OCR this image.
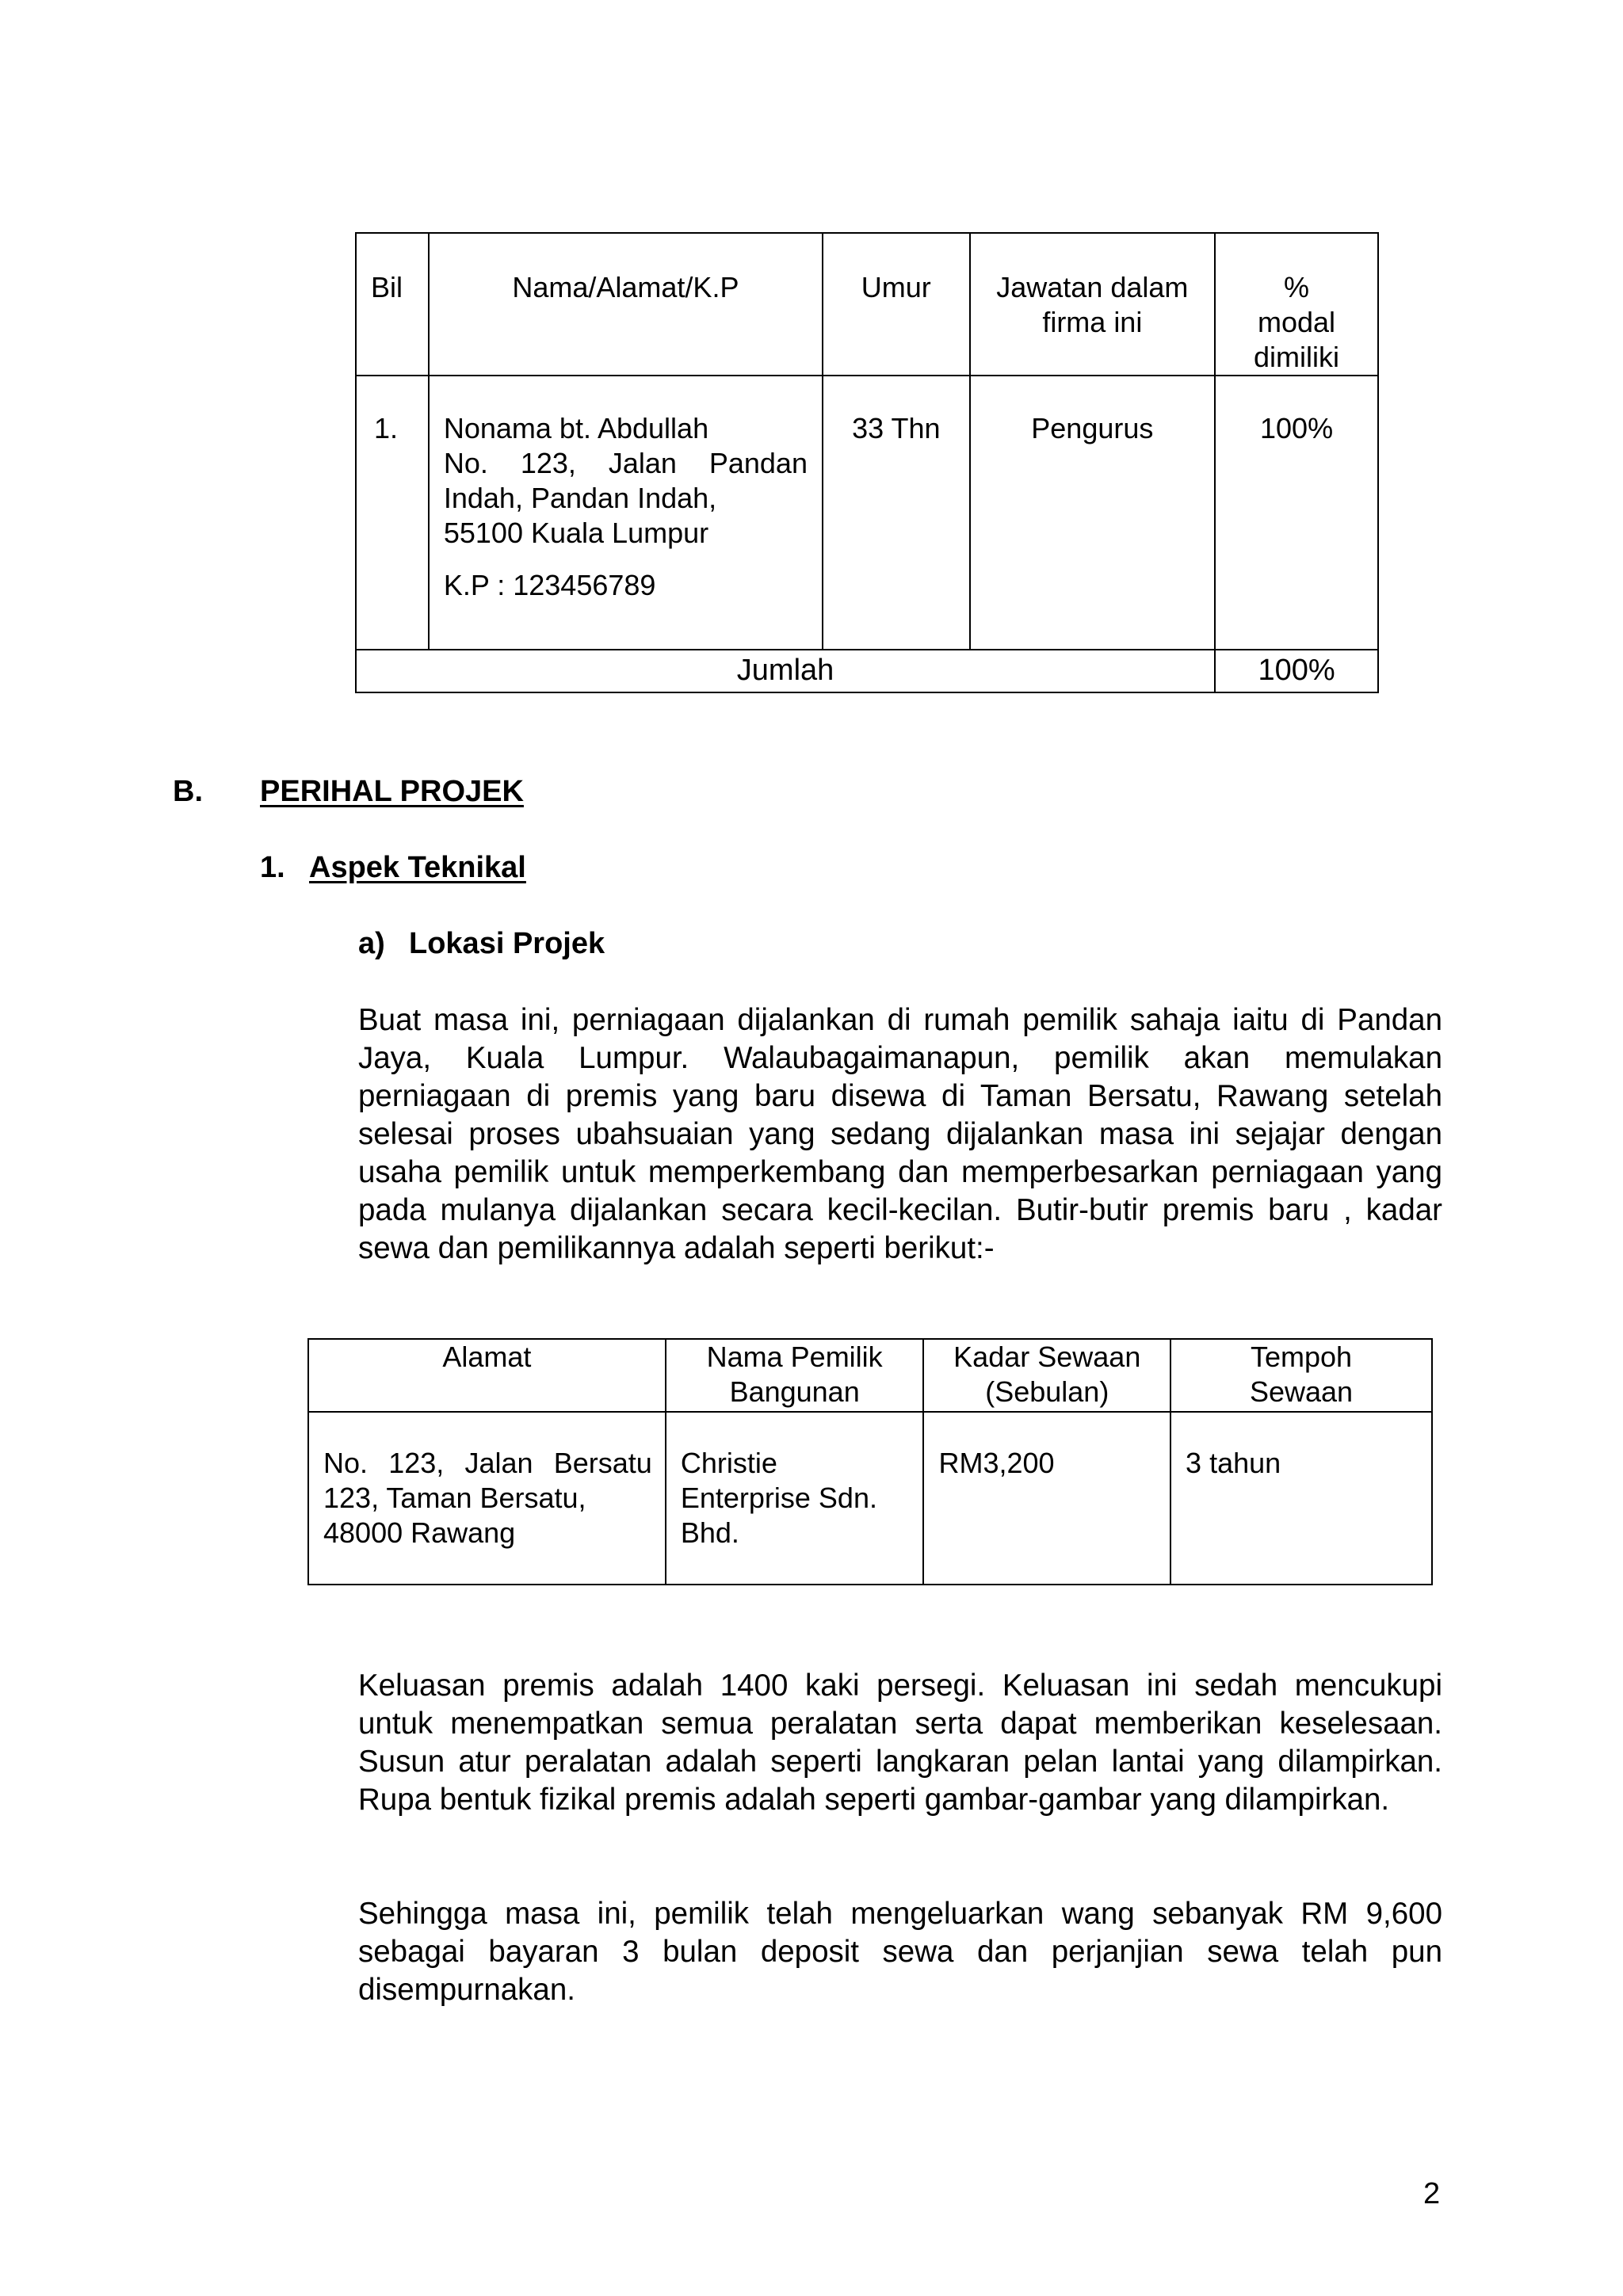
Bil	Nama/Alamat/K.P	Umur	Jawatan dalam firma ini	% modal dimiliki
1.	Nonama bt. Abdullah
No. 123, Jalan Pandan
Indah, Pandan Indah,
55100 Kuala Lumpur
K.P : 123456789	33 Thn	Pengurus	100%
Jumlah				100%
B. PERIHAL PROJEK
1. Aspek Teknikal
a) Lokasi Projek
Buat masa ini, perniagaan dijalankan di rumah pemilik sahaja iaitu di Pandan Jaya, Kuala Lumpur. Walaubagaimanapun, pemilik akan memulakan perniagaan di premis yang baru disewa di Taman Bersatu, Rawang setelah selesai proses ubahsuaian yang sedang dijalankan masa ini sejajar dengan usaha pemilik untuk memperkembang dan memperbesarkan perniagaan yang pada mulanya dijalankan secara kecil-kecilan. Butir-butir premis baru , kadar sewa dan pemilikannya adalah seperti berikut:-
Alamat	Nama Pemilik Bangunan	Kadar Sewaan (Sebulan)	Tempoh Sewaan

No. 123, Jalan Bersatu
123, Taman Bersatu,
48000 Rawang	Christie Enterprise Sdn. Bhd.	RM3,200	3 tahun
Keluasan premis adalah 1400 kaki persegi. Keluasan ini sedah mencukupi untuk menempatkan semua peralatan serta dapat memberikan keselesaan. Susun atur peralatan adalah seperti langkaran pelan lantai yang dilampirkan. Rupa bentuk fizikal premis adalah seperti gambar-gambar yang dilampirkan.
Sehingga masa ini, pemilik telah mengeluarkan wang sebanyak RM 9,600 sebagai bayaran 3 bulan deposit sewa dan perjanjian sewa telah pun disempurnakan.
2
